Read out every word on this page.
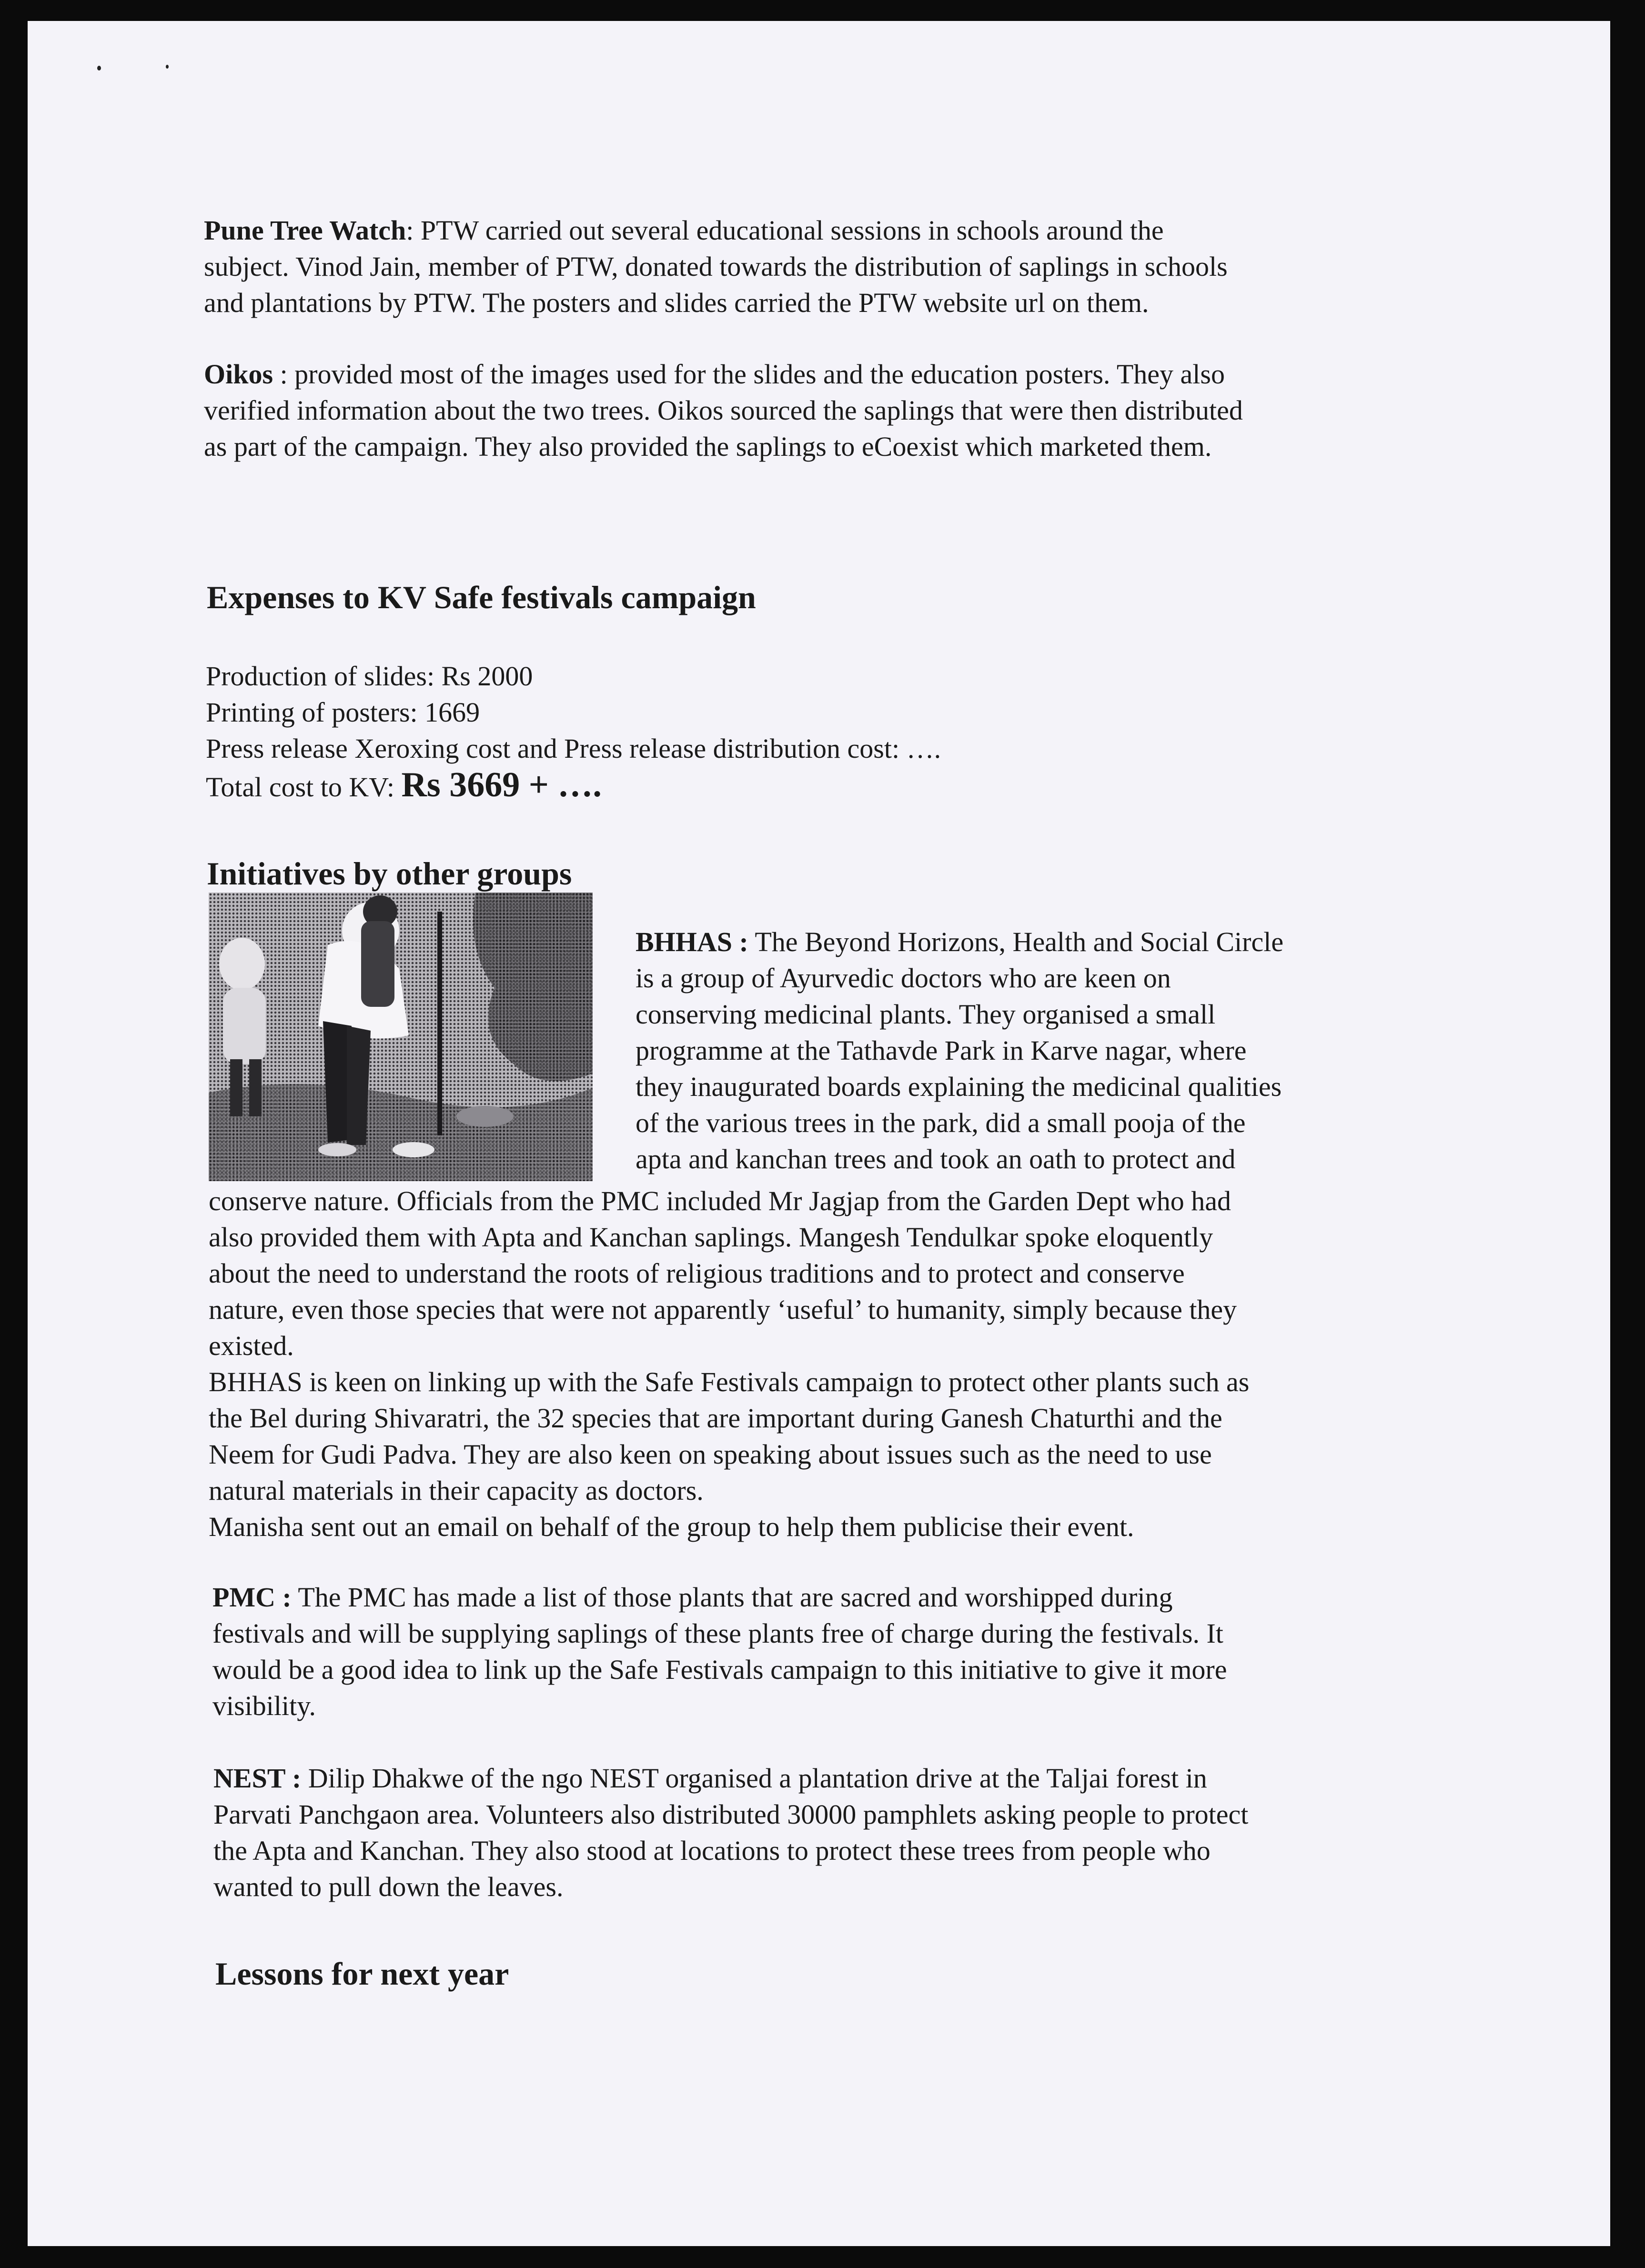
Pune Tree Watch: PTW carried out several educational sessions in schools around the
subject. Vinod Jain, member of PTW, donated towards the distribution of saplings in schools
and plantations by PTW. The posters and slides carried the PTW website url on them.
Oikos : provided most of the images used for the slides and the education posters. They also
verified information about the two trees. Oikos sourced the saplings that were then distributed
as part of the campaign. They also provided the saplings to eCoexist which marketed them.
Expenses to KV Safe festivals campaign
Production of slides: Rs 2000
Printing of posters: 1669
Press release Xeroxing cost and Press release distribution cost: ….
Total cost to KV: Rs 3669 + ….
Initiatives by other groups
BHHAS : The Beyond Horizons, Health and Social Circle
is a group of Ayurvedic doctors who are keen on
conserving medicinal plants. They organised a small
programme at the Tathavde Park in Karve nagar, where
they inaugurated boards explaining the medicinal qualities
of the various trees in the park, did a small pooja of the
apta and kanchan trees and took an oath to protect and
conserve nature. Officials from the PMC included Mr Jagjap from the Garden Dept who had
also provided them with Apta and Kanchan saplings. Mangesh Tendulkar spoke eloquently
about the need to understand the roots of religious traditions and to protect and conserve
nature, even those species that were not apparently ‘useful’ to humanity, simply because they
existed.
BHHAS is keen on linking up with the Safe Festivals campaign to protect other plants such as
the Bel during Shivaratri, the 32 species that are important during Ganesh Chaturthi and the
Neem for Gudi Padva. They are also keen on speaking about issues such as the need to use
natural materials in their capacity as doctors.
Manisha sent out an email on behalf of the group to help them publicise their event.
PMC : The PMC has made a list of those plants that are sacred and worshipped during
festivals and will be supplying saplings of these plants free of charge during the festivals. It
would be a good idea to link up the Safe Festivals campaign to this initiative to give it more
visibility.
NEST : Dilip Dhakwe of the ngo NEST organised a plantation drive at the Taljai forest in
Parvati Panchgaon area. Volunteers also distributed 30000 pamphlets asking people to protect
the Apta and Kanchan. They also stood at locations to protect these trees from people who
wanted to pull down the leaves.
Lessons for next year
